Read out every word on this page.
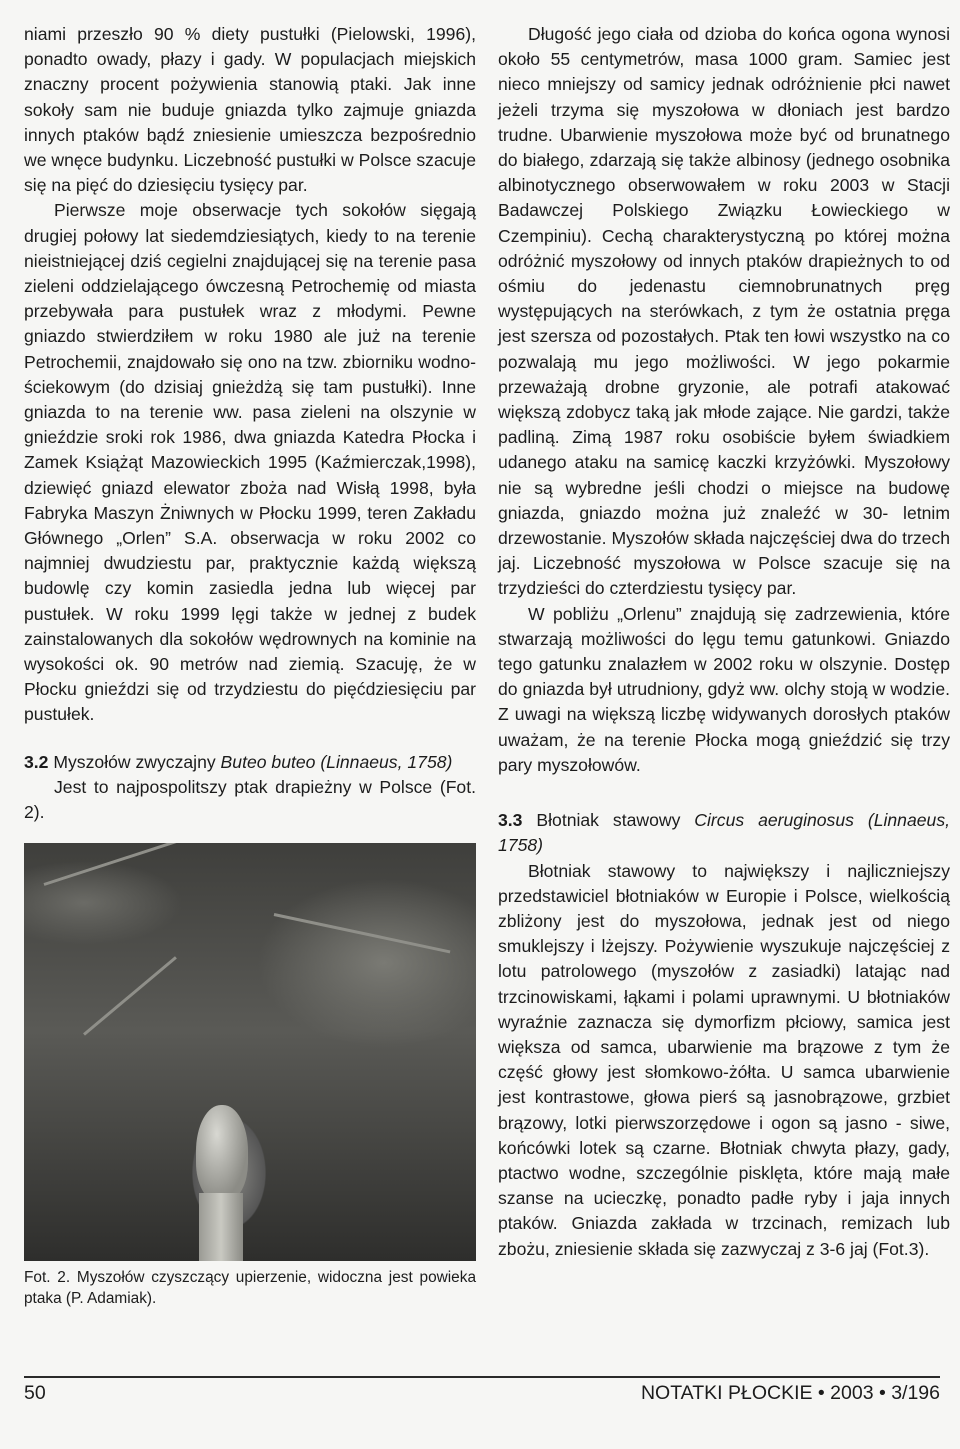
niami przeszło 90 % diety pustułki (Pielowski, 1996), ponadto owady, płazy i gady. W populacjach miejskich znaczny procent pożywienia stanowią ptaki. Jak inne sokoły sam nie buduje gniazda tylko zajmuje gniazda innych ptaków bądź zniesienie umieszcza bezpośrednio we wnęce budynku. Liczebność pustułki w Polsce szacuje się na pięć do dziesięciu tysięcy par.

Pierwsze moje obserwacje tych sokołów sięgają drugiej połowy lat siedemdziesiątych, kiedy to na terenie nieistniejącej dziś cegielni znajdującej się na terenie pasa zieleni oddzielającego ówczesną Petrochemię od miasta przebywała para pustułek wraz z młodymi. Pewne gniazdo stwierdziłem w roku 1980 ale już na terenie Petrochemii, znajdowało się ono na tzw. zbiorniku wodno-ściekowym (do dzisiaj gnieżdżą się tam pustułki). Inne gniazda to na terenie ww. pasa zieleni na olszynie w gnieździe sroki rok 1986, dwa gniazda Katedra Płocka i Zamek Książąt Mazowieckich 1995 (Kaźmierczak,1998), dziewięć gniazd elewator zboża nad Wisłą 1998, była Fabryka Maszyn Żniwnych w Płocku 1999, teren Zakładu Głównego „Orlen” S.A. obserwacja w roku 2002 co najmniej dwudziestu par, praktycznie każdą większą budowlę czy komin zasiedla jedna lub więcej par pustułek. W roku 1999 lęgi także w jednej z budek zainstalowanych dla sokołów wędrownych na kominie na wysokości ok. 90 metrów nad ziemią. Szacuję, że w Płocku gnieździ się od trzydziestu do pięćdziesięciu par pustułek.

3.2 Myszołów zwyczajny Buteo buteo (Linnaeus, 1758)

Jest to najpospolitszy ptak drapieżny w Polsce (Fot. 2).

Fot. 2. Myszołów czyszczący upierzenie, widoczna jest powieka ptaka (P. Adamiak).

Długość jego ciała od dzioba do końca ogona wynosi około 55 centymetrów, masa 1000 gram. Samiec jest nieco mniejszy od samicy jednak odróżnienie płci nawet jeżeli trzyma się myszołowa w dłoniach jest bardzo trudne. Ubarwienie myszołowa może być od brunatnego do białego, zdarzają się także albinosy (jednego osobnika albinotycznego obserwowałem w roku 2003 w Stacji Badawczej Polskiego Związku Łowieckiego w Czempiniu). Cechą charakterystyczną po której można odróżnić myszołowy od innych ptaków drapieżnych to od ośmiu do jedenastu ciemnobrunatnych pręg występujących na sterówkach, z tym że ostatnia pręga jest szersza od pozostałych. Ptak ten łowi wszystko na co pozwalają mu jego możliwości. W jego pokarmie przeważają drobne gryzonie, ale potrafi atakować większą zdobycz taką jak młode zające. Nie gardzi, także padliną. Zimą 1987 roku osobiście byłem świadkiem udanego ataku na samicę kaczki krzyżówki. Myszołowy nie są wybredne jeśli chodzi o miejsce na budowę gniazda, gniazdo można już znaleźć w 30- letnim drzewostanie. Myszołów składa najczęściej dwa do trzech jaj. Liczebność myszołowa w Polsce szacuje się na trzydzieści do czterdziestu tysięcy par.

W pobliżu „Orlenu” znajdują się zadrzewienia, które stwarzają możliwości do lęgu temu gatunkowi. Gniazdo tego gatunku znalazłem w 2002 roku w olszynie. Dostęp do gniazda był utrudniony, gdyż ww. olchy stoją w wodzie. Z uwagi na większą liczbę widywanych dorosłych ptaków uważam, że na terenie Płocka mogą gnieździć się trzy pary myszołowów.

3.3 Błotniak stawowy Circus aeruginosus (Linnaeus, 1758)

Błotniak stawowy to największy i najliczniejszy przedstawiciel błotniaków w Europie i Polsce, wielkością zbliżony jest do myszołowa, jednak jest od niego smuklejszy i lżejszy. Pożywienie wyszukuje najczęściej z lotu patrolowego (myszołów z zasiadki) latając nad trzcinowiskami, łąkami i polami uprawnymi. U błotniaków wyraźnie zaznacza się dymorfizm płciowy, samica jest większa od samca, ubarwienie ma brązowe z tym że część głowy jest słomkowo-żółta. U samca ubarwienie jest kontrastowe, głowa pierś są jasnobrązowe, grzbiet brązowy, lotki pierwszorzędowe i ogon są jasno - siwe, końcówki lotek są czarne. Błotniak chwyta płazy, gady, ptactwo wodne, szczególnie pisklęta, które mają małe szanse na ucieczkę, ponadto padłe ryby i jaja innych ptaków. Gniazda zakłada w trzcinach, remizach lub zbożu, zniesienie składa się zazwyczaj z 3-6 jaj (Fot.3).

50	NOTATKI PŁOCKIE • 2003 • 3/196
